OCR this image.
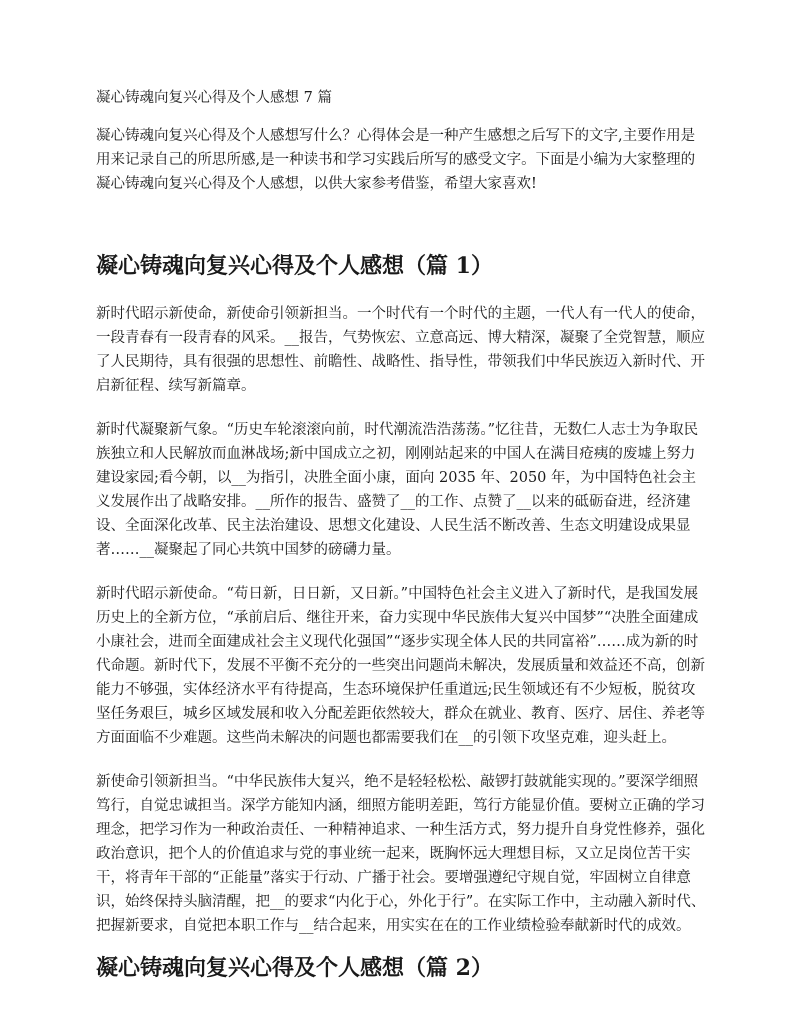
凝心铸魂向复兴心得及个人感想 7 篇

凝心铸魂向复兴心得及个人感想写什么？心得体会是一种产生感想之后写下的文字,主要作用是用来记录自己的所思所感,是一种读书和学习实践后所写的感受文字。下面是小编为大家整理的凝心铸魂向复兴心得及个人感想，以供大家参考借鉴，希望大家喜欢!

凝心铸魂向复兴心得及个人感想（篇 1）

新时代昭示新使命，新使命引领新担当。一个时代有一个时代的主题，一代人有一代人的使命，一段青春有一段青春的风采。__报告，气势恢宏、立意高远、博大精深，凝聚了全党智慧，顺应了人民期待，具有很强的思想性、前瞻性、战略性、指导性，带领我们中华民族迈入新时代、开启新征程、续写新篇章。

新时代凝聚新气象。“历史车轮滚滚向前，时代潮流浩浩荡荡。”忆往昔，无数仁人志士为争取民族独立和人民解放而血淋战场;新中国成立之初，刚刚站起来的中国人在满目疮痍的废墟上努力建设家园;看今朝，以__为指引，决胜全面小康，面向 2035 年、2050 年，为中国特色社会主义发展作出了战略安排。__所作的报告、盛赞了__的工作、点赞了__以来的砥砺奋进，经济建设、全面深化改革、民主法治建设、思想文化建设、人民生活不断改善、生态文明建设成果显著……__凝聚起了同心共筑中国梦的磅礴力量。

新时代昭示新使命。“苟日新，日日新，又日新。”中国特色社会主义进入了新时代，是我国发展历史上的全新方位，“承前启后、继往开来，奋力实现中华民族伟大复兴中国梦”“决胜全面建成小康社会，进而全面建成社会主义现代化强国”“逐步实现全体人民的共同富裕”……成为新的时代命题。新时代下，发展不平衡不充分的一些突出问题尚未解决，发展质量和效益还不高，创新能力不够强，实体经济水平有待提高，生态环境保护任重道远;民生领域还有不少短板，脱贫攻坚任务艰巨，城乡区域发展和收入分配差距依然较大，群众在就业、教育、医疗、居住、养老等方面面临不少难题。这些尚未解决的问题也都需要我们在__的引领下攻坚克难，迎头赶上。

新使命引领新担当。“中华民族伟大复兴，绝不是轻轻松松、敲锣打鼓就能实现的。”要深学细照笃行，自觉忠诚担当。深学方能知内涵，细照方能明差距，笃行方能显价值。要树立正确的学习理念，把学习作为一种政治责任、一种精神追求、一种生活方式，努力提升自身党性修养，强化政治意识，把个人的价值追求与党的事业统一起来，既胸怀远大理想目标，又立足岗位苦干实干，将青年干部的“正能量”落实于行动、广播于社会。要增强遵纪守规自觉，牢固树立自律意识，始终保持头脑清醒，把__的要求“内化于心，外化于行”。在实际工作中，主动融入新时代、把握新要求，自觉把本职工作与__结合起来，用实实在在的工作业绩检验奉献新时代的成效。

凝心铸魂向复兴心得及个人感想（篇 2）
